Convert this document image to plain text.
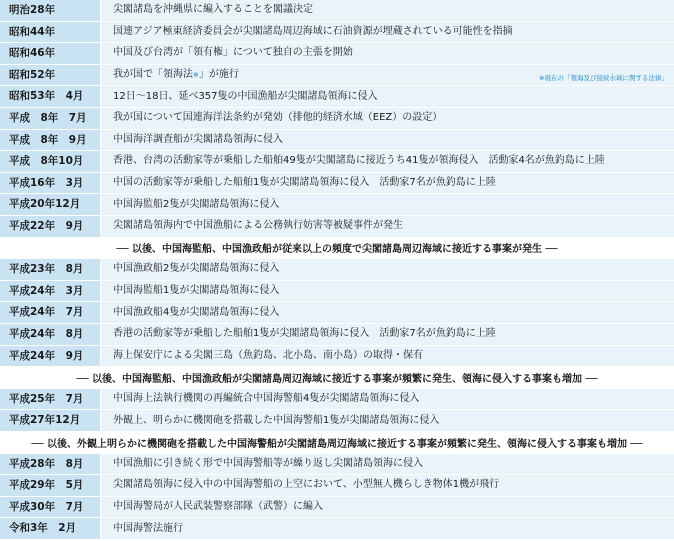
明治28年	尖閣諸島を沖縄県に編入することを閣議決定
昭和44年	国連アジア極東経済委員会が尖閣諸島周辺海域に石油資源が埋蔵されている可能性を指摘
昭和46年	中国及び台湾が「領有権」について独自の主張を開始
昭和52年	我が国で「領海法 ※ 」が施行	※現在の「領海及び接続水域に関する法律」
昭和53年　4月	12日～18日、延べ357隻の中国漁船が尖閣諸島領海に侵入
平成　8年　7月	我が国について国連海洋法条約が発効（排他的経済水域（EEZ）の設定）
平成　8年　9月	中国海洋調査船が尖閣諸島領海に侵入
平成　8年10月	香港、台湾の活動家等が乗船した船舶49隻が尖閣諸島に接近うち41隻が領海侵入　活動家4名が魚釣島に上陸
平成16年　3月	中国の活動家等が乗船した船舶1隻が尖閣諸島領海に侵入　活動家7名が魚釣島に上陸
平成20年12月	中国海監船2隻が尖閣諸島領海に侵入
平成22年　9月	尖閣諸島領海内で中国漁船による公務執行妨害等被疑事件が発生
── 以後、中国海監船、中国漁政船が従来以上の頻度で尖閣諸島周辺海域に接近する事案が発生 ──
平成23年　8月	中国漁政船2隻が尖閣諸島領海に侵入
平成24年　3月	中国海監船1隻が尖閣諸島領海に侵入
平成24年　7月	中国漁政船4隻が尖閣諸島領海に侵入
平成24年　8月	香港の活動家等が乗船した船舶1隻が尖閣諸島領海に侵入　活動家7名が魚釣島に上陸
平成24年　9月	海上保安庁による尖閣三島（魚釣島、北小島、南小島）の取得・保有
── 以後、中国海監船、中国漁政船が尖閣諸島周辺海域に接近する事案が頻繁に発生、領海に侵入する事案も増加 ──
平成25年　7月	中国海上法執行機関の再編統合中国海警船4隻が尖閣諸島領海に侵入
平成27年12月	外観上、明らかに機関砲を搭載した中国海警船1隻が尖閣諸島領海に侵入
── 以後、外観上明らかに機関砲を搭載した中国海警船が尖閣諸島周辺海域に接近する事案が頻繁に発生、領海に侵入する事案も増加 ──
平成28年　8月	中国漁船に引き続く形で中国海警船等が繰り返し尖閣諸島領海に侵入
平成29年　5月	尖閣諸島領海に侵入中の中国海警船の上空において、小型無人機らしき物体1機が飛行
平成30年　7月	中国海警局が人民武装警察部隊（武警）に編入
令和3年　2月	中国海警法施行
